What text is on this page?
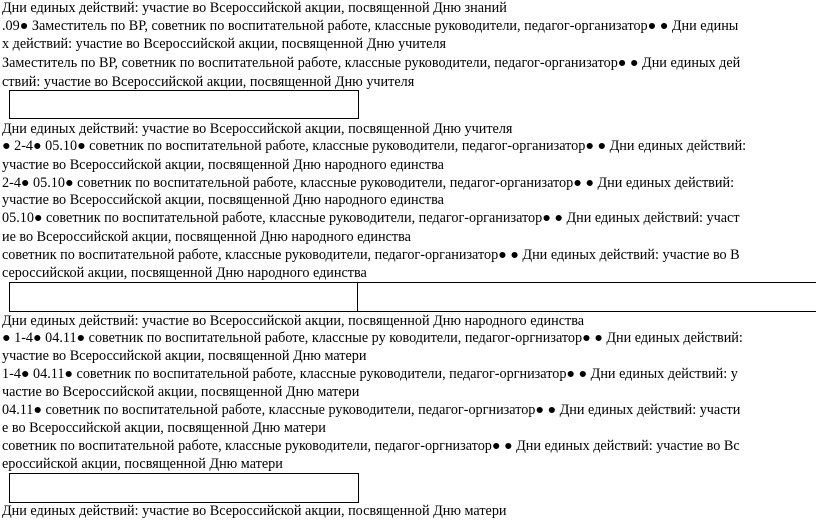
Дни единых действий: участие во Всероссийской акции, посвященной Дню знаний
.09● Заместитель по ВР, советник по воспитательной работе, классные руководители, педагог-организатор● ● Дни едины
х действий: участие во Всероссийской акции, посвященной Дню учителя
Заместитель по ВР, советник по воспитательной работе, классные руководители, педагог-организатор● ● Дни единых дей
ствий: участие во Всероссийской акции, посвященной Дню учителя
Дни единых действий: участие во Всероссийской акции, посвященной Дню учителя
● 2-4● 05.10● советник по воспитательной работе, классные руководители, педагог-организатор● ● Дни единых действий:
участие во Всероссийской акции, посвященной Дню народного единства
2-4● 05.10● советник по воспитательной работе, классные руководители, педагог-организатор● ● Дни единых действий:
участие во Всероссийской акции, посвященной Дню народного единства
05.10● советник по воспитательной работе, классные руководители, педагог-организатор● ● Дни единых действий: участ
ие во Всероссийской акции, посвященной Дню народного единства
советник по воспитательной работе, классные руководители, педагог-организатор● ● Дни единых действий: участие во В
сероссийской акции, посвященной Дню народного единства
Дни единых действий: участие во Всероссийской акции, посвященной Дню народного единства
● 1-4● 04.11● советник по воспитательной работе, классные ру ководители, педагог-оргнизатор● ● Дни единых действий:
участие во Всероссийской акции, посвященной Дню матери
1-4● 04.11● советник по воспитательной работе, классные руководители, педагог-оргнизатор● ● Дни единых действий: у
частие во Всероссийской акции, посвященной Дню матери
04.11● советник по воспитательной работе, классные руководители, педагог-оргнизатор● ● Дни единых действий: участи
е во Всероссийской акции, посвященной Дню матери
советник по воспитательной работе, классные руководители, педагог-оргнизатор● ● Дни единых действий: участие во Вс
ероссийской акции, посвященной Дню матери
Дни единых действий: участие во Всероссийской акции, посвященной Дню матери
